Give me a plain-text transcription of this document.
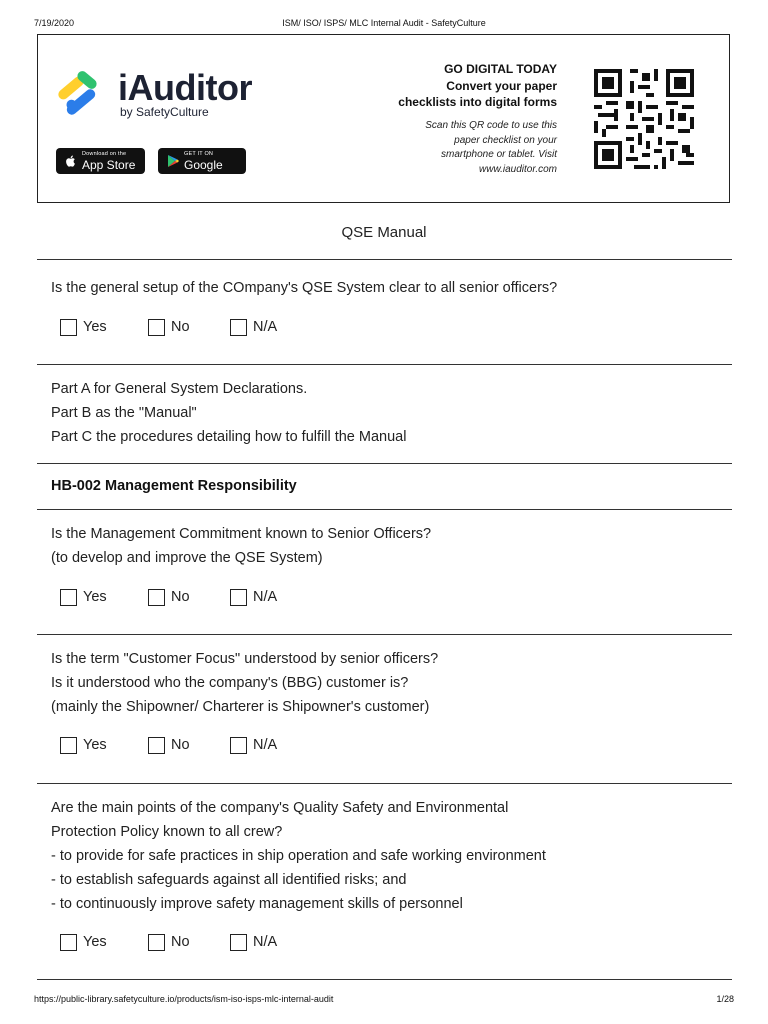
7/19/2020	ISM/ ISO/ ISPS/ MLC Internal Audit - SafetyCulture
iAuditor
by SafetyCulture
Download on the
App Store
GET IT ON
Google Play
GO DIGITAL TODAY
Convert your paper
checklists into digital forms
Scan this QR code to use this
paper checklist on your
smartphone or tablet. Visit
www.iauditor.com
QSE Manual
Is the general setup of the COmpany's QSE System clear to all senior officers?
Yes	No	N/A
Part A for General System Declarations.
Part B as the "Manual"
Part C the procedures detailing how to fulfill the Manual
HB-002 Management Responsibility
Is the Management Commitment known to Senior Officers?
(to develop and improve the QSE System)
Yes	No	N/A
Is the term "Customer Focus" understood by senior officers?
Is it understood who the company's (BBG) customer is?
(mainly the Shipowner/ Charterer is Shipowner's customer)
Yes	No	N/A
Are the main points of the company's Quality Safety and Environmental
Protection Policy known to all crew?
- to provide for safe practices in ship operation and safe working environment
- to establish safeguards against all identified risks; and
- to continuously improve safety management skills of personnel
Yes	No	N/A
https://public-library.safetyculture.io/products/ism-iso-isps-mlc-internal-audit	1/28
